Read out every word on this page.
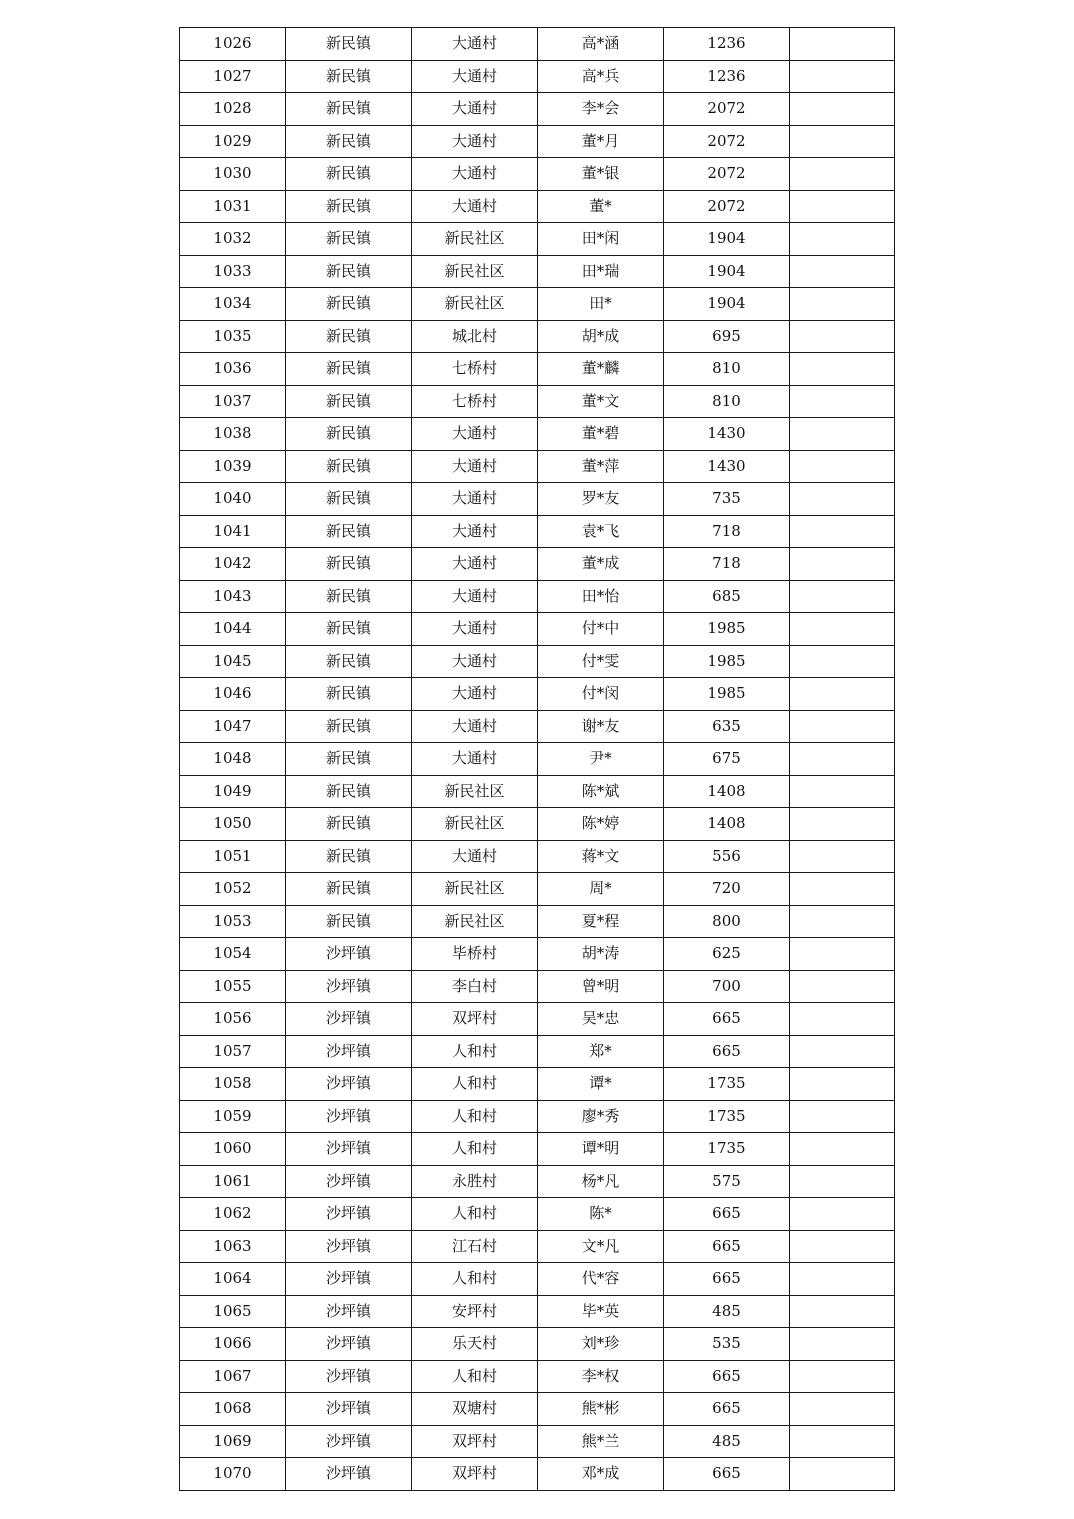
1026	新民镇	大通村	高*涵	1236	
1027	新民镇	大通村	高*兵	1236	
1028	新民镇	大通村	李*会	2072	
1029	新民镇	大通村	董*月	2072	
1030	新民镇	大通村	董*银	2072	
1031	新民镇	大通村	董*	2072	
1032	新民镇	新民社区	田*闲	1904	
1033	新民镇	新民社区	田*瑞	1904	
1034	新民镇	新民社区	田*	1904	
1035	新民镇	城北村	胡*成	695	
1036	新民镇	七桥村	董*麟	810	
1037	新民镇	七桥村	董*文	810	
1038	新民镇	大通村	董*碧	1430	
1039	新民镇	大通村	董*萍	1430	
1040	新民镇	大通村	罗*友	735	
1041	新民镇	大通村	袁*飞	718	
1042	新民镇	大通村	董*成	718	
1043	新民镇	大通村	田*怡	685	
1044	新民镇	大通村	付*中	1985	
1045	新民镇	大通村	付*雯	1985	
1046	新民镇	大通村	付*闵	1985	
1047	新民镇	大通村	谢*友	635	
1048	新民镇	大通村	尹*	675	
1049	新民镇	新民社区	陈*斌	1408	
1050	新民镇	新民社区	陈*婷	1408	
1051	新民镇	大通村	蒋*文	556	
1052	新民镇	新民社区	周*	720	
1053	新民镇	新民社区	夏*程	800	
1054	沙坪镇	毕桥村	胡*涛	625	
1055	沙坪镇	李白村	曾*明	700	
1056	沙坪镇	双坪村	吴*忠	665	
1057	沙坪镇	人和村	郑*	665	
1058	沙坪镇	人和村	谭*	1735	
1059	沙坪镇	人和村	廖*秀	1735	
1060	沙坪镇	人和村	谭*明	1735	
1061	沙坪镇	永胜村	杨*凡	575	
1062	沙坪镇	人和村	陈*	665	
1063	沙坪镇	江石村	文*凡	665	
1064	沙坪镇	人和村	代*容	665	
1065	沙坪镇	安坪村	毕*英	485	
1066	沙坪镇	乐天村	刘*珍	535	
1067	沙坪镇	人和村	李*权	665	
1068	沙坪镇	双塘村	熊*彬	665	
1069	沙坪镇	双坪村	熊*兰	485	
1070	沙坪镇	双坪村	邓*成	665	
